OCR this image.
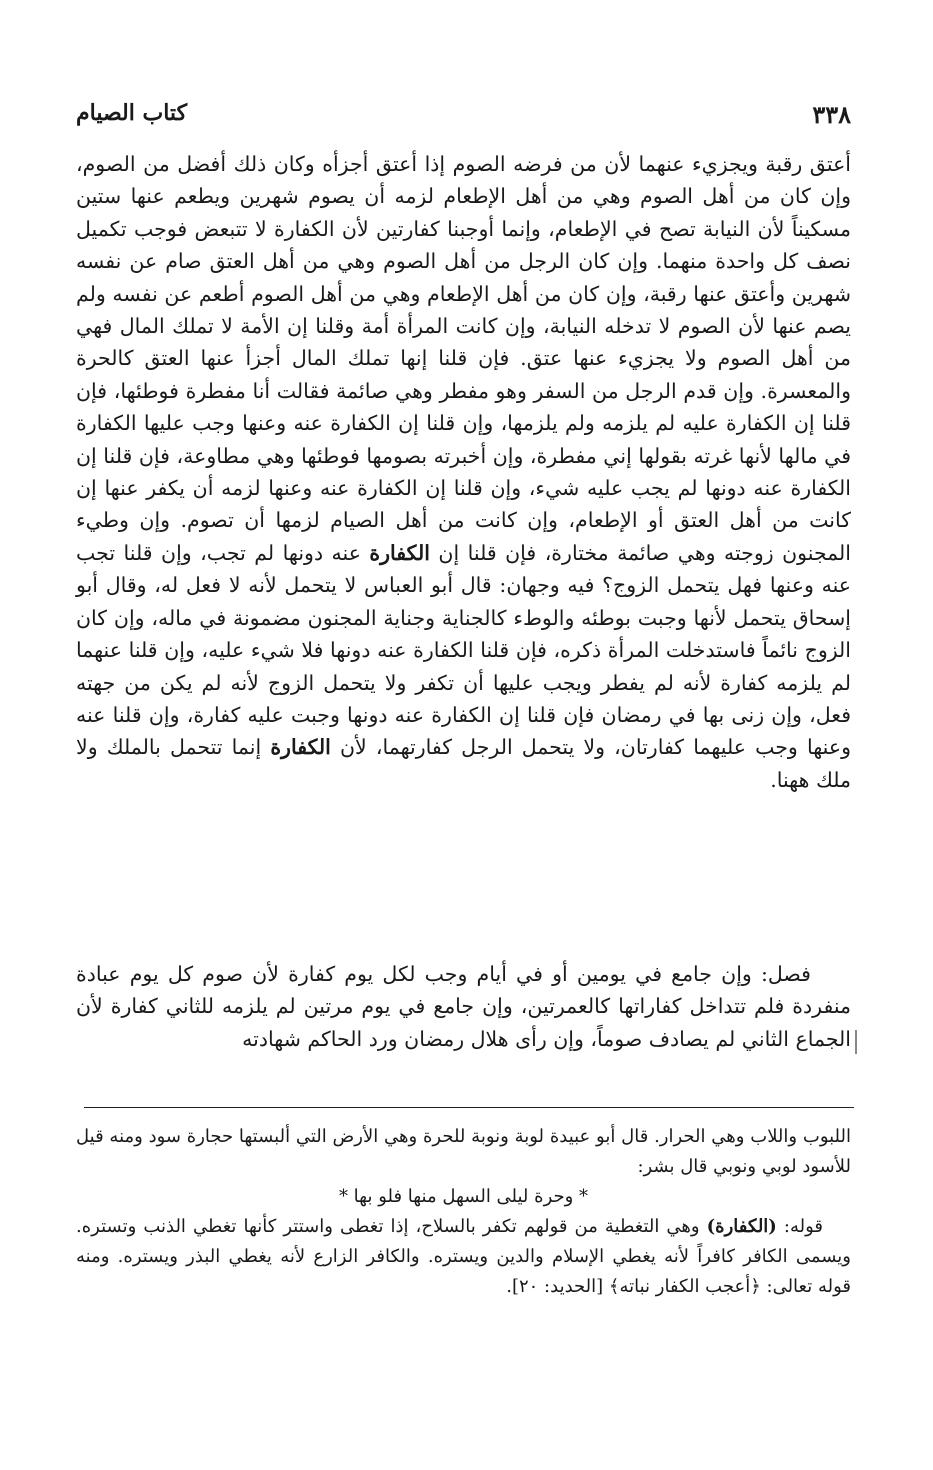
٣٣٨
كتاب الصيام

أعتق رقبة ويجزيء عنهما لأن من فرضه الصوم إذا أعتق أجزأه وكان ذلك أفضل من الصوم، وإن كان من أهل الصوم وهي من أهل الإطعام لزمه أن يصوم شهرين ويطعم عنها ستين مسكيناً لأن النيابة تصح في الإطعام، وإنما أوجبنا كفارتين لأن الكفارة لا تتبعض فوجب تكميل نصف كل واحدة منهما. وإن كان الرجل من أهل الصوم وهي من أهل العتق صام عن نفسه شهرين وأعتق عنها رقبة، وإن كان من أهل الإطعام وهي من أهل الصوم أطعم عن نفسه ولم يصم عنها لأن الصوم لا تدخله النيابة، وإن كانت المرأة أمة وقلنا إن الأمة لا تملك المال فهي من أهل الصوم ولا يجزيء عنها عتق. فإن قلنا إنها تملك المال أجزأ عنها العتق كالحرة والمعسرة. وإن قدم الرجل من السفر وهو مفطر وهي صائمة فقالت أنا مفطرة فوطئها، فإن قلنا إن الكفارة عليه لم يلزمه ولم يلزمها، وإن قلنا إن الكفارة عنه وعنها وجب عليها الكفارة في مالها لأنها غرته بقولها إني مفطرة، وإن أخبرته بصومها فوطئها وهي مطاوعة، فإن قلنا إن الكفارة عنه دونها لم يجب عليه شيء، وإن قلنا إن الكفارة عنه وعنها لزمه أن يكفر عنها إن كانت من أهل العتق أو الإطعام، وإن كانت من أهل الصيام لزمها أن تصوم. وإن وطيء المجنون زوجته وهي صائمة مختارة، فإن قلنا إن الكفارة عنه دونها لم تجب، وإن قلنا تجب عنه وعنها فهل يتحمل الزوج؟ فيه وجهان: قال أبو العباس لا يتحمل لأنه لا فعل له، وقال أبو إسحاق يتحمل لأنها وجبت بوطئه والوطء كالجناية وجناية المجنون مضمونة في ماله، وإن كان الزوج نائماً فاستدخلت المرأة ذكره، فإن قلنا الكفارة عنه دونها فلا شيء عليه، وإن قلنا عنهما لم يلزمه كفارة لأنه لم يفطر ويجب عليها أن تكفر ولا يتحمل الزوج لأنه لم يكن من جهته فعل، وإن زنى بها في رمضان فإن قلنا إن الكفارة عنه دونها وجبت عليه كفارة، وإن قلنا عنه وعنها وجب عليهما كفارتان، ولا يتحمل الرجل كفارتهما، لأن الكفارة إنما تتحمل بالملك ولا ملك ههنا.

فصل: وإن جامع في يومين أو في أيام وجب لكل يوم كفارة لأن صوم كل يوم عبادة منفردة فلم تتداخل كفاراتها كالعمرتين، وإن جامع في يوم مرتين لم يلزمه للثاني كفارة لأن الجماع الثاني لم يصادف صوماً، وإن رأى هلال رمضان ورد الحاكم شهادته

اللبوب واللاب وهي الحرار. قال أبو عبيدة لوبة ونوبة للحرة وهي الأرض التي ألبستها حجارة سود ومنه قيل للأسود لوبي ونوبي قال بشر:

* وحرة ليلى السهل منها فلو بها *

قوله: (الكفارة) وهي التغطية من قولهم تكفر بالسلاح، إذا تغطى واستتر كأنها تغطي الذنب وتستره. ويسمى الكافر كافراً لأنه يغطي الإسلام والدين ويستره. والكافر الزارع لأنه يغطي البذر ويستره. ومنه قوله تعالى: ﴿أعجب الكفار نباته﴾ [الحديد: ٢٠].
